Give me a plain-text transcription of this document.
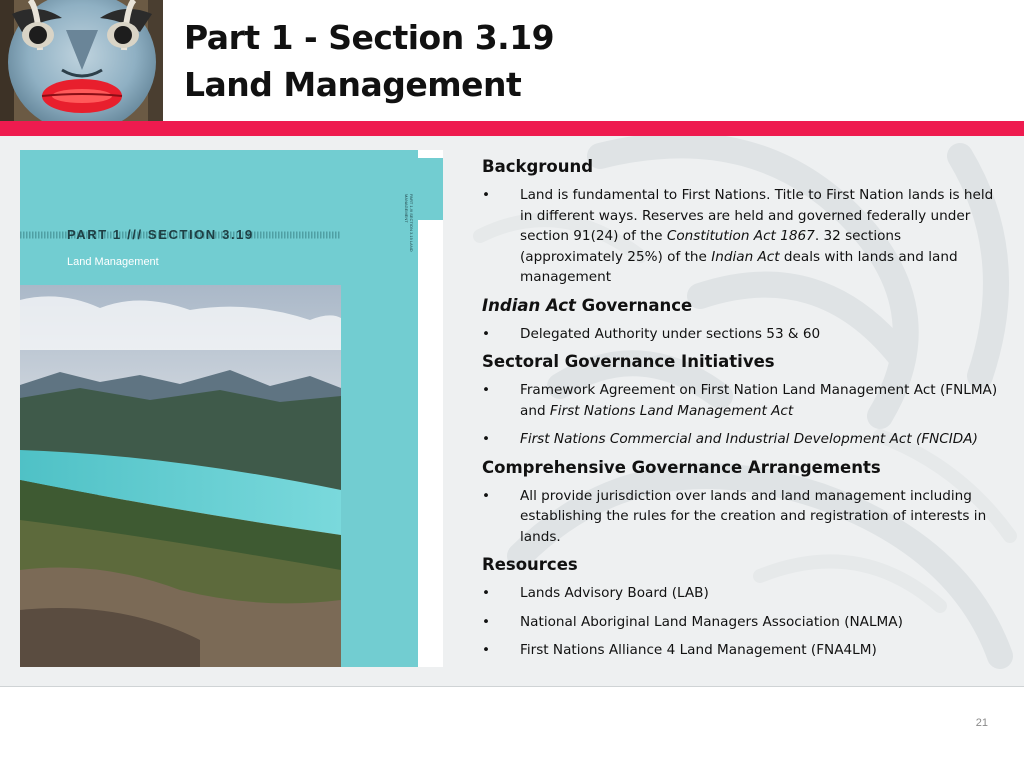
Part 1 - Section 3.19
Land Management
PART 1 /// SECTION 3.19
Land Management
PART 1 /// SECTION 3.19 LAND MANAGEMENT
Background
• Land is fundamental to First Nations. Title to First Nation lands is held in different ways. Reserves are held and governed federally under section 91(24) of the Constitution Act 1867. 32 sections (approximately 25%) of the Indian Act deals with lands and land management
Indian Act Governance
• Delegated Authority under sections 53 & 60
Sectoral Governance Initiatives
• Framework Agreement on First Nation Land Management Act (FNLMA) and First Nations Land Management Act
• First Nations Commercial and Industrial Development Act (FNCIDA)
Comprehensive Governance Arrangements
• All provide jurisdiction over lands and land management including establishing the rules for the creation and registration of interests in lands.
Resources
• Lands Advisory Board (LAB)
• National Aboriginal Land Managers Association (NALMA)
• First Nations Alliance 4 Land Management (FNA4LM)
21
